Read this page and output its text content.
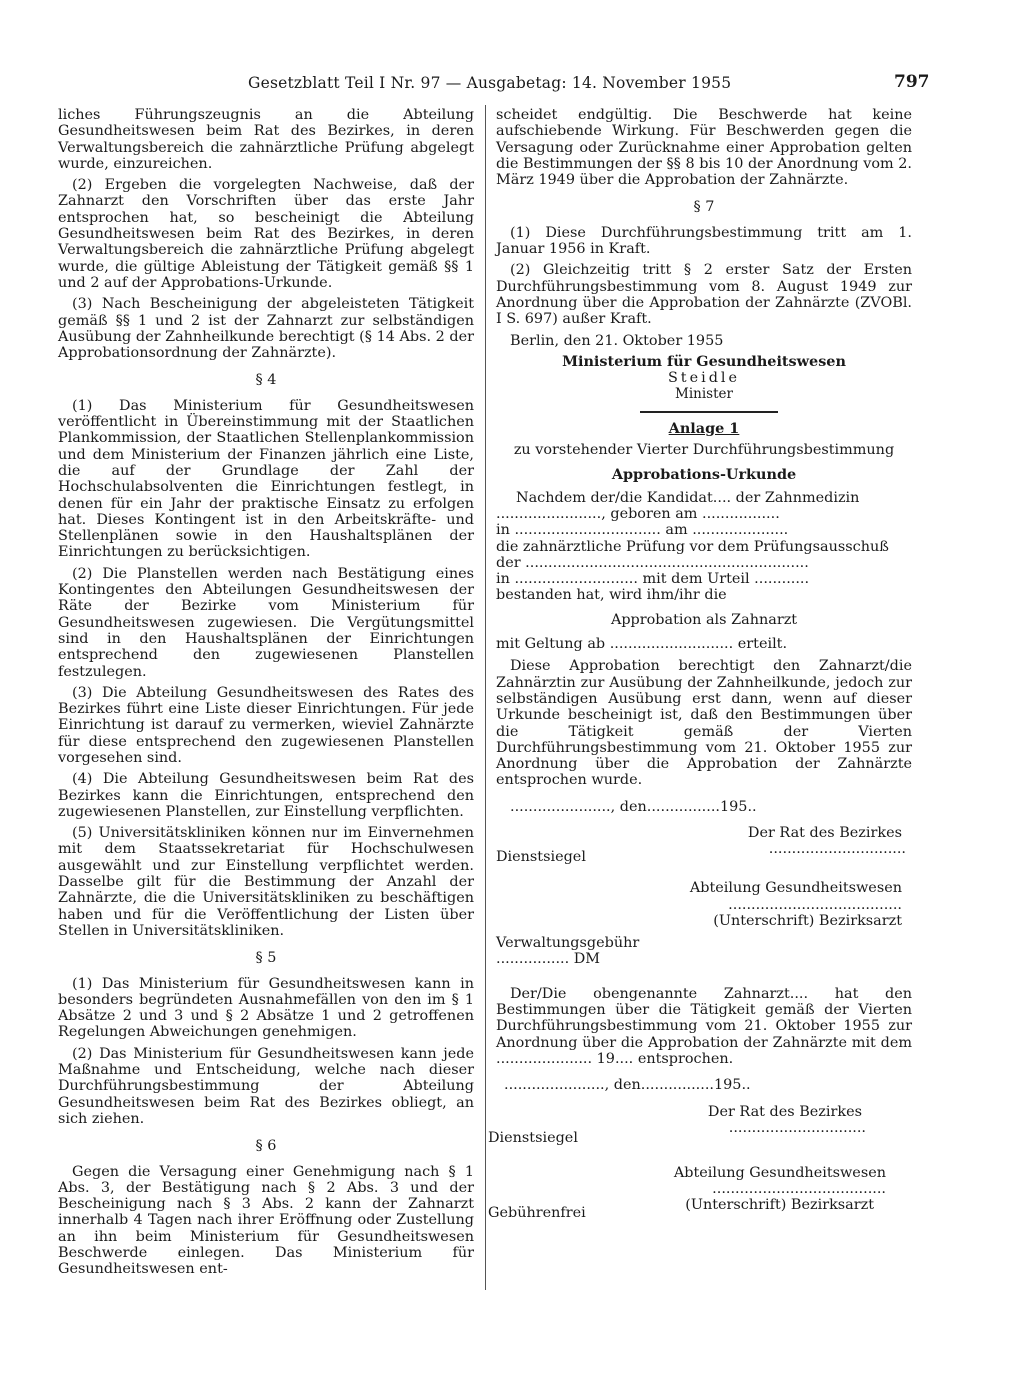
Gesetzblatt Teil I Nr. 97 — Ausgabetag: 14. November 1955	797

liches Führungszeugnis an die Abteilung Gesundheitswesen beim Rat des Bezirkes, in deren Verwaltungsbereich die zahnärztliche Prüfung abgelegt wurde, einzureichen.

(2) Ergeben die vorgelegten Nachweise, daß der Zahnarzt den Vorschriften über das erste Jahr entsprochen hat, so bescheinigt die Abteilung Gesundheitswesen beim Rat des Bezirkes, in deren Verwaltungsbereich die zahnärztliche Prüfung abgelegt wurde, die gültige Ableistung der Tätigkeit gemäß §§ 1 und 2 auf der Approbations-Urkunde.

(3) Nach Bescheinigung der abgeleisteten Tätigkeit gemäß §§ 1 und 2 ist der Zahnarzt zur selbständigen Ausübung der Zahnheilkunde berechtigt (§ 14 Abs. 2 der Approbationsordnung der Zahnärzte).

§ 4

(1) Das Ministerium für Gesundheitswesen veröffentlicht in Übereinstimmung mit der Staatlichen Plankommission, der Staatlichen Stellenplankommission und dem Ministerium der Finanzen jährlich eine Liste, die auf der Grundlage der Zahl der Hochschulabsolventen die Einrichtungen festlegt, in denen für ein Jahr der praktische Einsatz zu erfolgen hat. Dieses Kontingent ist in den Arbeitskräfte- und Stellenplänen sowie in den Haushaltsplänen der Einrichtungen zu berücksichtigen.

(2) Die Planstellen werden nach Bestätigung eines Kontingentes den Abteilungen Gesundheitswesen der Räte der Bezirke vom Ministerium für Gesundheitswesen zugewiesen. Die Vergütungsmittel sind in den Haushaltsplänen der Einrichtungen entsprechend den zugewiesenen Planstellen festzulegen.

(3) Die Abteilung Gesundheitswesen des Rates des Bezirkes führt eine Liste dieser Einrichtungen. Für jede Einrichtung ist darauf zu vermerken, wieviel Zahnärzte für diese entsprechend den zugewiesenen Planstellen vorgesehen sind.

(4) Die Abteilung Gesundheitswesen beim Rat des Bezirkes kann die Einrichtungen, entsprechend den zugewiesenen Planstellen, zur Einstellung verpflichten.

(5) Universitätskliniken können nur im Einvernehmen mit dem Staatssekretariat für Hochschulwesen ausgewählt und zur Einstellung verpflichtet werden. Dasselbe gilt für die Bestimmung der Anzahl der Zahnärzte, die die Universitätskliniken zu beschäftigen haben und für die Veröffentlichung der Listen über Stellen in Universitätskliniken.

§ 5

(1) Das Ministerium für Gesundheitswesen kann in besonders begründeten Ausnahmefällen von den im § 1 Absätze 2 und 3 und § 2 Absätze 1 und 2 getroffenen Regelungen Abweichungen genehmigen.

(2) Das Ministerium für Gesundheitswesen kann jede Maßnahme und Entscheidung, welche nach dieser Durchführungsbestimmung der Abteilung Gesundheitswesen beim Rat des Bezirkes obliegt, an sich ziehen.

§ 6

Gegen die Versagung einer Genehmigung nach § 1 Abs. 3, der Bestätigung nach § 2 Abs. 3 und der Bescheinigung nach § 3 Abs. 2 kann der Zahnarzt innerhalb 4 Tagen nach ihrer Eröffnung oder Zustellung an ihn beim Ministerium für Gesundheitswesen Beschwerde einlegen. Das Ministerium für Gesundheitswesen ent-

scheidet endgültig. Die Beschwerde hat keine aufschiebende Wirkung. Für Beschwerden gegen die Versagung oder Zurücknahme einer Approbation gelten die Bestimmungen der §§ 8 bis 10 der Anordnung vom 2. März 1949 über die Approbation der Zahnärzte.

§ 7

(1) Diese Durchführungsbestimmung tritt am 1. Januar 1956 in Kraft.

(2) Gleichzeitig tritt § 2 erster Satz der Ersten Durchführungsbestimmung vom 8. August 1949 zur Anordnung über die Approbation der Zahnärzte (ZVOBl. I S. 697) außer Kraft.

Berlin, den 21. Oktober 1955

Ministerium für Gesundheitswesen
Steidle
Minister
Anlage 1
zu vorstehender Vierter Durchführungsbestimmung
Approbations-Urkunde
Nachdem der/die Kandidat.... der Zahnmedizin
......................., geboren am .................
in ................................ am .....................
die zahnärztliche Prüfung vor dem Prüfungsausschuß
der ..............................................................
in ........................... mit dem Urteil ............
bestanden hat, wird ihm/ihr die
Approbation als Zahnarzt
mit Geltung ab ........................... erteilt.

Diese Approbation berechtigt den Zahnarzt/die Zahnärztin zur Ausübung der Zahnheilkunde, jedoch zur selbständigen Ausübung erst dann, wenn auf dieser Urkunde bescheinigt ist, daß den Bestimmungen über die Tätigkeit gemäß der Vierten Durchführungsbestimmung vom 21. Oktober 1955 zur Anordnung über die Approbation der Zahnärzte entsprochen wurde.

......................, den................195..
Der Rat des Bezirkes
Dienstsiegel	..............................
Abteilung Gesundheitswesen
......................................
(Unterschrift) Bezirksarzt
Verwaltungsgebühr
................ DM

Der/Die obengenannte Zahnarzt.... hat den Bestimmungen über die Tätigkeit gemäß der Vierten Durchführungsbestimmung vom 21. Oktober 1955 zur Anordnung über die Approbation der Zahnärzte mit dem ..................... 19.... entsprochen.

......................, den................195..
Der Rat des Bezirkes
Dienstsiegel
..............................
Abteilung Gesundheitswesen
......................................
Gebührenfrei	(Unterschrift) Bezirksarzt
